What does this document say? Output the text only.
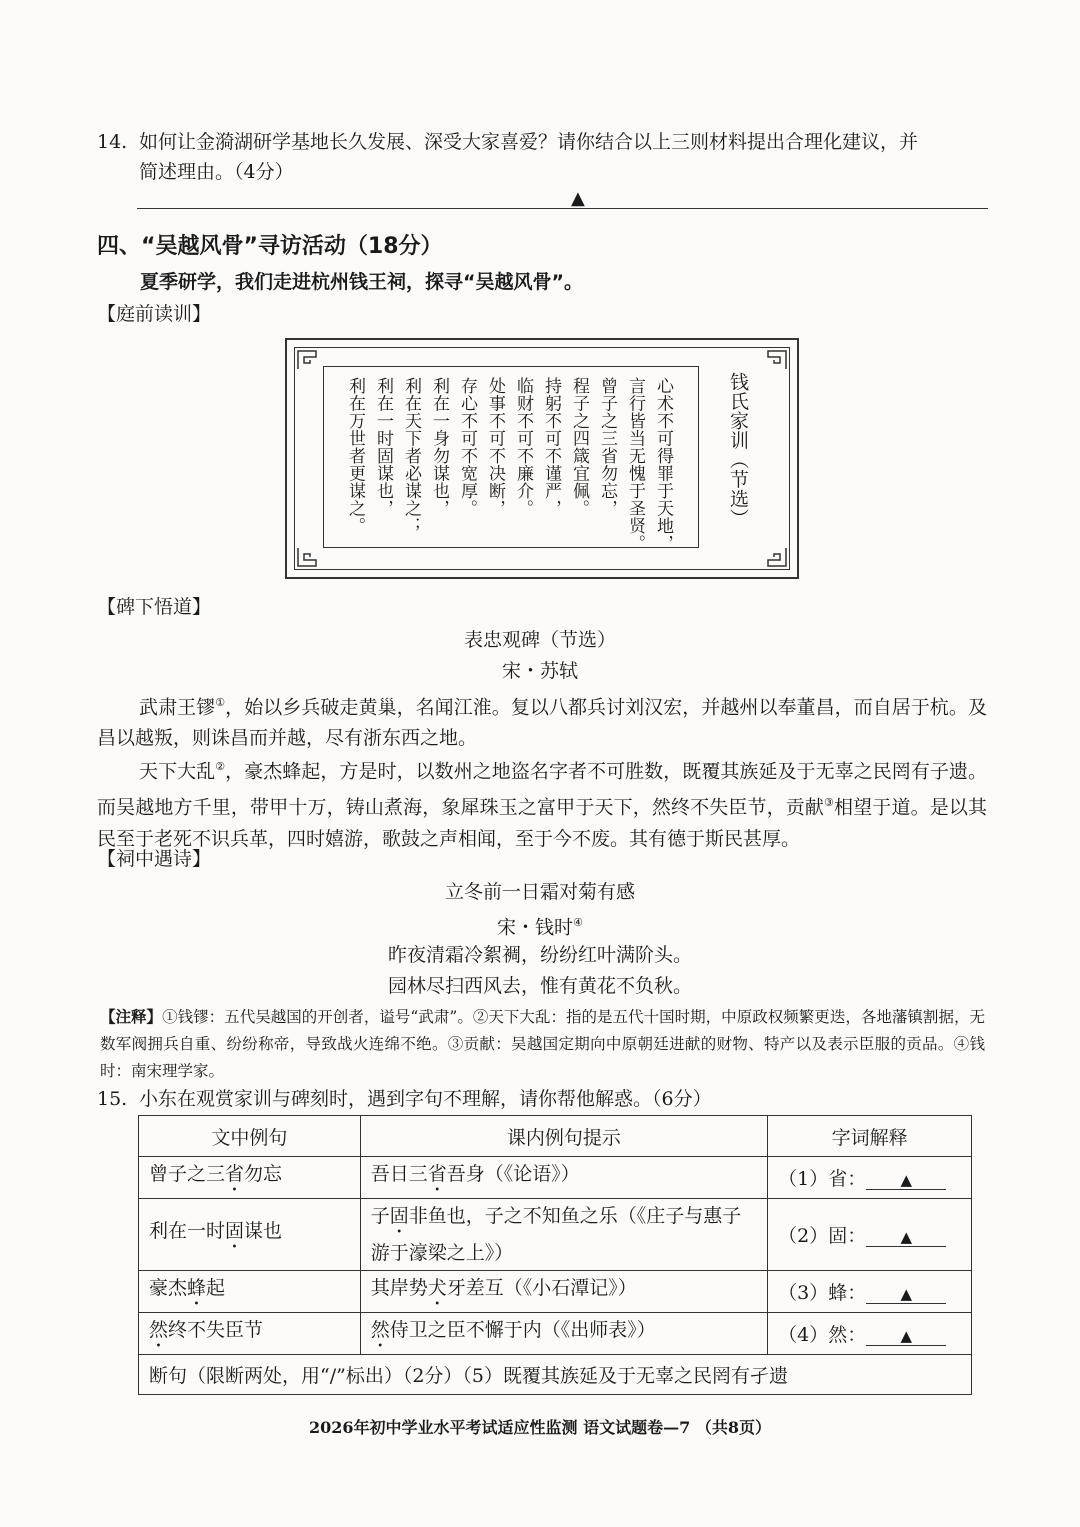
14. 如何让金漪湖研学基地长久发展、深受大家喜爱？请你结合以上三则材料提出合理化建议，并
简述理由。（4分）
▲
四、“吴越风骨”寻访活动（18分）
夏季研学，我们走进杭州钱王祠，探寻“吴越风骨”。
【庭前读训】
钱氏家训（节选）
心术不可得罪于天地，
言行皆当无愧于圣贤。
曾子之三省勿忘，
程子之四箴宜佩。
持躬不可不谨严，
临财不可不廉介。
处事不可不决断，
存心不可不宽厚。
利在一身勿谋也，
利在天下者必谋之；
利在一时固谋也，
利在万世者更谋之。
【碑下悟道】
表忠观碑（节选）
宋・苏轼
武肃王镠①，始以乡兵破走黄巢，名闻江淮。复以八都兵讨刘汉宏，并越州以奉董昌，而自居于杭。及昌以越叛，则诛昌而并越，尽有浙东西之地。
天下大乱②，豪杰蜂起，方是时，以数州之地盗名字者不可胜数，既覆其族延及于无辜之民罔有子遗。而吴越地方千里，带甲十万，铸山煮海，象犀珠玉之富甲于天下，然终不失臣节，贡献③相望于道。是以其民至于老死不识兵革，四时嬉游，歌鼓之声相闻，至于今不废。其有德于斯民甚厚。
【祠中遇诗】
立冬前一日霜对菊有感
宋・钱时④
昨夜清霜冷絮裯，纷纷红叶满阶头。
园林尽扫西风去，惟有黄花不负秋。
【注释】①钱镠：五代吴越国的开创者，谥号“武肃”。②天下大乱：指的是五代十国时期，中原政权频繁更迭，各地藩镇割据，无数军阀拥兵自重、纷纷称帝，导致战火连绵不绝。③贡献：吴越国定期向中原朝廷进献的财物、特产以及表示臣服的贡品。④钱时：南宋理学家。
15. 小东在观赏家训与碑刻时，遇到字句不理解，请你帮他解惑。（6分）
文中例句	课内例句提示	字词解释
曾子之三省勿忘	吾日三省吾身（《论语》）	（1）省： ▲
利在一时固谋也	子固非鱼也，子之不知鱼之乐（《庄子与惠子游于濠梁之上》）	（2）固： ▲
豪杰蜂起	其岸势犬牙差互（《小石潭记》）	（3）蜂： ▲
然终不失臣节	然侍卫之臣不懈于内（《出师表》）	（4）然： ▲
断句（限断两处，用“/”标出）（2分）（5）既覆其族延及于无辜之民罔有孑遗		
2026年初中学业水平考试适应性监测 语文试题卷—7 （共8页）
